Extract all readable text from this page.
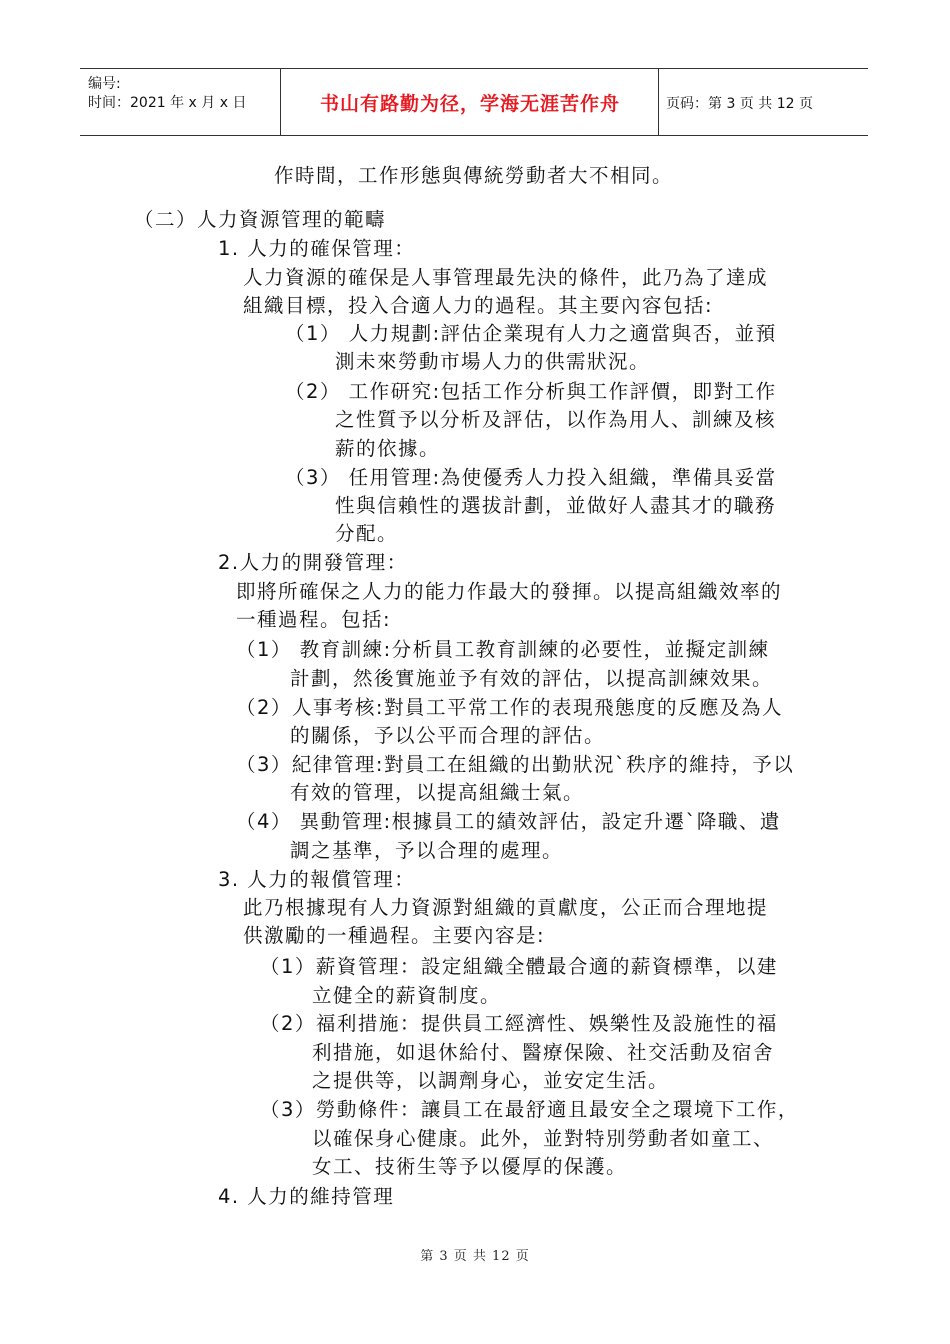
编号:
时间：2021 年 x 月 x 日	书山有路勤为径，学海无涯苦作舟	页码：第 3 页 共 12 页
作時間，工作形態與傳統勞動者大不相同。
（二）人力資源管理的範疇
1. 人力的確保管理：
人力資源的確保是人事管理最先決的條件，此乃為了達成
組織目標，投入合適人力的過程。其主要內容包括:
（1） 人力規劃:評估企業現有人力之適當與否，並預
測未來勞動市場人力的供需狀況。
（2） 工作研究:包括工作分析與工作評價，即對工作
之性質予以分析及評估，以作為用人、訓練及核
薪的依據。
（3） 任用管理:為使優秀人力投入組織，準備具妥當
性與信賴性的選拔計劃，並做好人盡其才的職務
分配。
2.人力的開發管理：
即將所確保之人力的能力作最大的發揮。以提高組織效率的
一種過程。包括:
（1） 教育訓練:分析員工教育訓練的必要性，並擬定訓練
計劃，然後實施並予有效的評估，以提高訓練效果。
（2）人事考核:對員工平常工作的表現飛態度的反應及為人
的關係，予以公平而合理的評估。
（3）紀律管理:對員工在組織的出勤狀況`秩序的維持，予以
有效的管理，以提高組織士氣。
（4） 異動管理:根據員工的績效評估，設定升遷`降職、遺
調之基準，予以合理的處理。
3. 人力的報償管理：
此乃根據現有人力資源對組織的貢獻度，公正而合理地提
供激勵的一種過程。主要內容是:
（1）薪資管理：設定組織全體最合適的薪資標準，以建
立健全的薪資制度。
（2）福利措施：提供員工經濟性、娛樂性及設施性的福
利措施，如退休給付、醫療保險、社交活動及宿舍
之提供等，以調劑身心，並安定生活。
（3）勞動條件：讓員工在最舒適且最安全之環境下工作，
以確保身心健康。此外，並對特別勞動者如童工、
女工、技術生等予以優厚的保護。
4. 人力的維持管理
第 3 页 共 12 页
